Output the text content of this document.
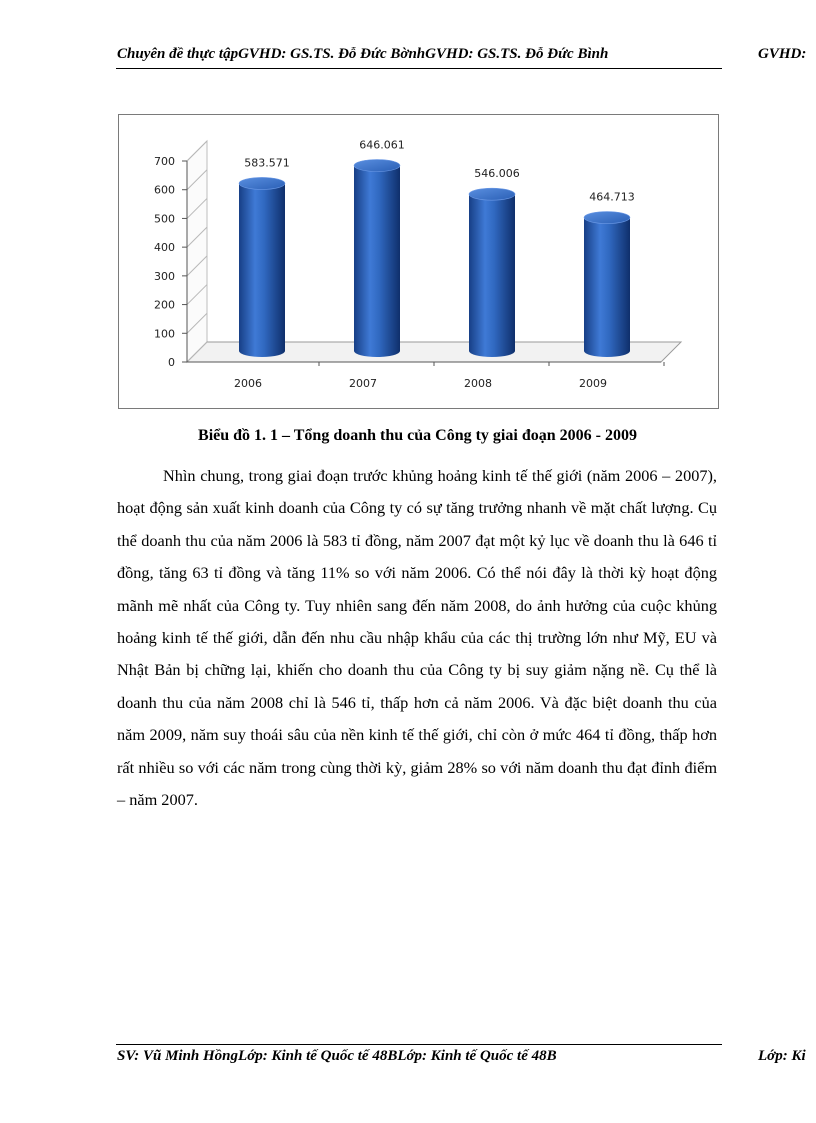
Chuyên đề thực tậpGVHD: GS.TS. Đỗ Đức BờnhGVHD: GS.TS. Đỗ Đức Bình	GVHD:
0
100
200
300
400
500
600
700	583.571
2006
646.061
2007
546.006
2008
464.713
2009
Biểu đồ 1. 1 – Tổng doanh thu của Công ty giai đoạn 2006 - 2009

Nhìn chung, trong giai đoạn trước khủng hoảng kinh tế thế giới (năm 2006 – 2007), hoạt động sản xuất kinh doanh của Công ty có sự tăng trưởng nhanh về mặt chất lượng. Cụ thể doanh thu của năm 2006 là 583 tỉ đồng, năm 2007 đạt một kỷ lục về doanh thu là 646 tỉ đồng, tăng 63 tỉ đồng và tăng 11% so với năm 2006. Có thể nói đây là thời kỳ hoạt động mãnh mẽ nhất của Công ty. Tuy nhiên sang đến năm 2008, do ảnh hưởng của cuộc khủng hoảng kinh tế thế giới, dẫn đến nhu cầu nhập khẩu của các thị trường lớn như Mỹ, EU và Nhật Bản bị chững lại, khiến cho doanh thu của Công ty bị suy giảm nặng nề. Cụ thể là doanh thu của năm 2008 chỉ là 546 tỉ, thấp hơn cả năm 2006. Và đặc biệt doanh thu của năm 2009, năm suy thoái sâu của nền kinh tế thế giới, chỉ còn ở mức 464 tỉ đồng, thấp hơn rất nhiều so với các năm trong cùng thời kỳ, giảm 28% so với năm doanh thu đạt đỉnh điểm – năm 2007.

SV: Vũ Minh HồngLớp: Kinh tế Quốc tế 48BLớp: Kinh tế Quốc tế 48B	Lớp: Ki
